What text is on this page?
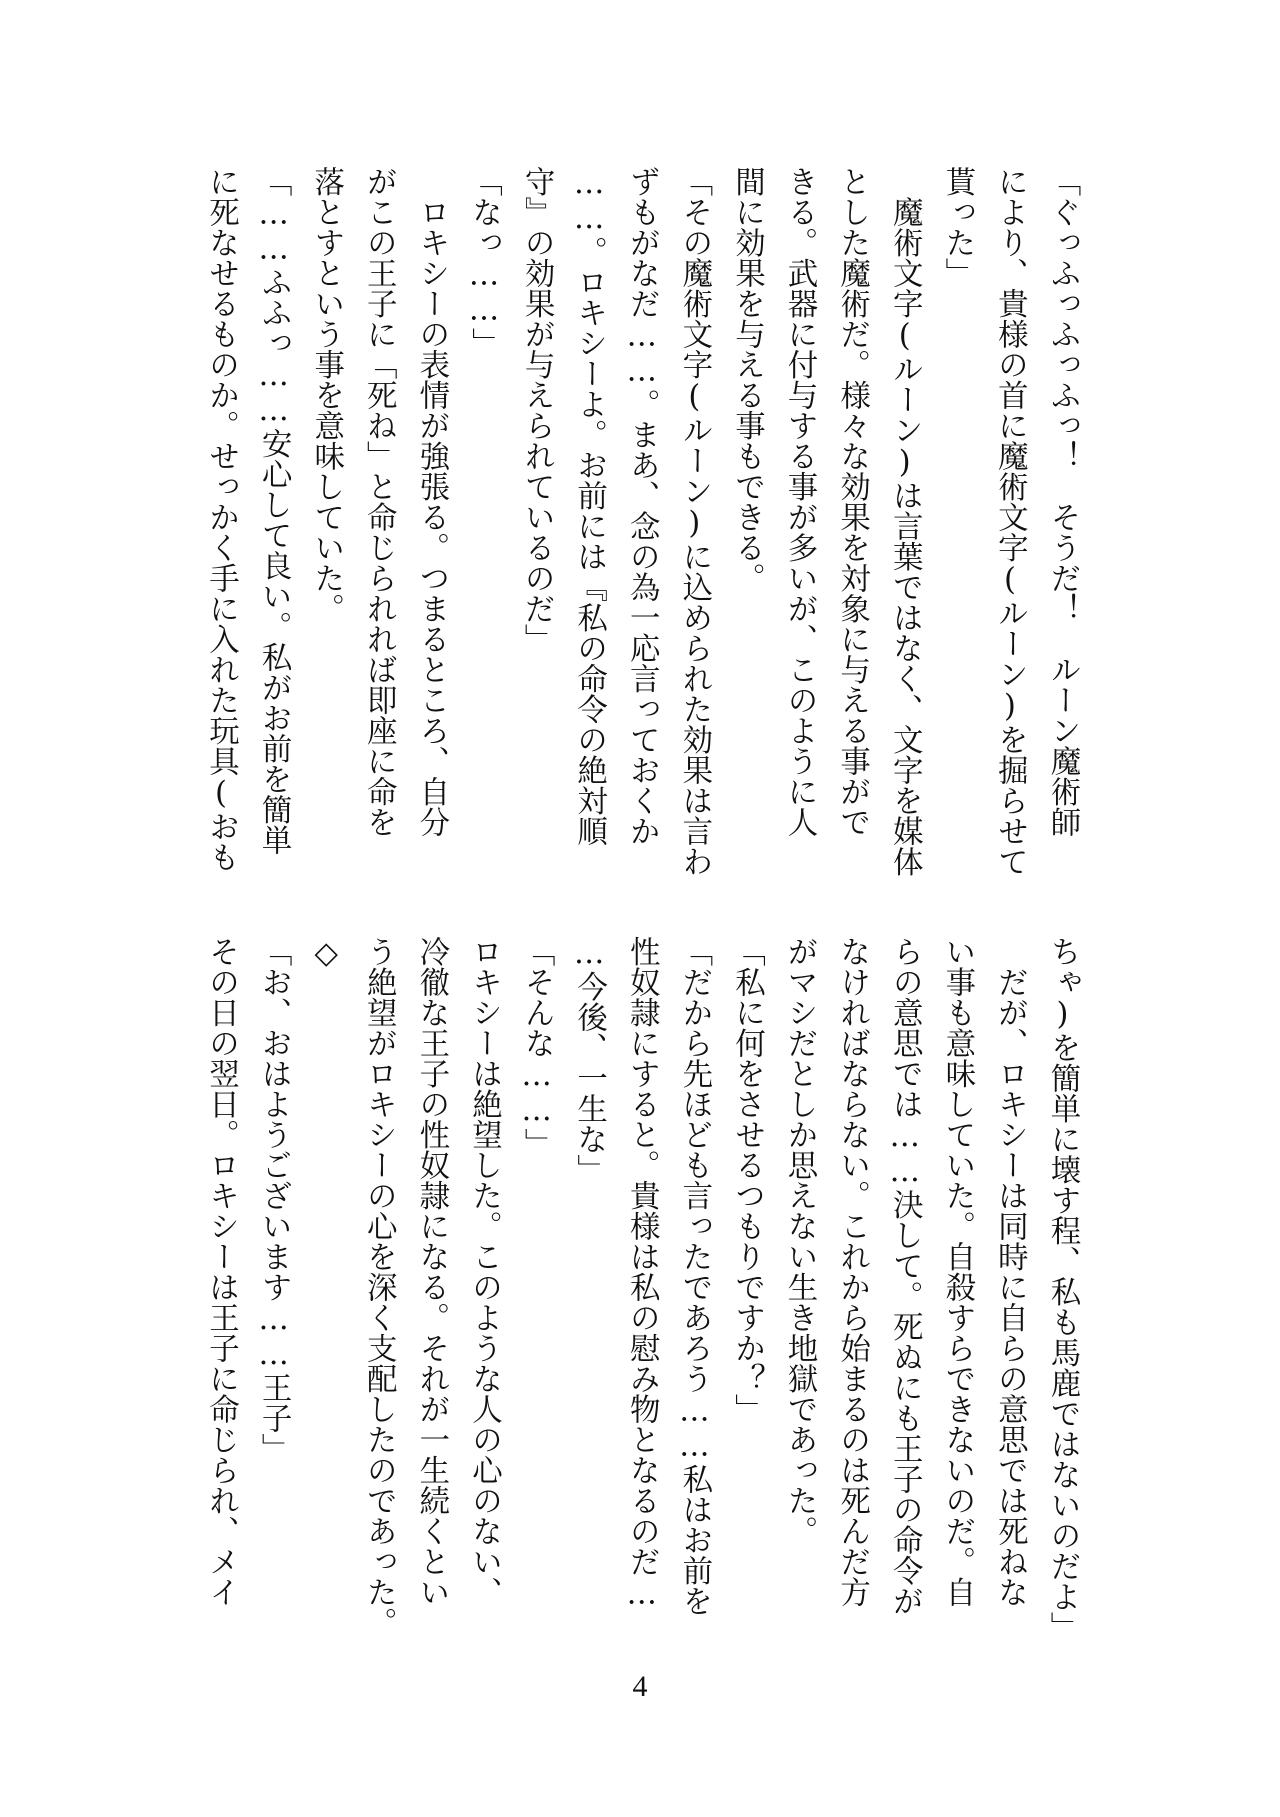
「ぐっふっふっふっ！　そうだ！　ルーン魔術師
により、貴様の首に魔術文字(ルーン)を掘らせて
貰った」
　魔術文字(ルーン)は言葉ではなく、文字を媒体
とした魔術だ。様々な効果を対象に与える事がで
きる。武器に付与する事が多いが、このように人
間に効果を与える事もできる。
「その魔術文字(ルーン)に込められた効果は言わ
ずもがなだ……。まあ、念の為一応言っておくか
……。ロキシーよ。お前には『私の命令の絶対順
守』の効果が与えられているのだ」
「なっ……」
　ロキシーの表情が強張る。つまるところ、自分
がこの王子に「死ね」と命じられれば即座に命を
落とすという事を意味していた。
「……ふふっ……安心して良い。私がお前を簡単
に死なせるものか。せっかく手に入れた玩具(おも
ちゃ)を簡単に壊す程、私も馬鹿ではないのだよ」
　だが、ロキシーは同時に自らの意思では死ねな
い事も意味していた。自殺すらできないのだ。自
らの意思では……決して。死ぬにも王子の命令が
なければならない。これから始まるのは死んだ方
がマシだとしか思えない生き地獄であった。
「私に何をさせるつもりですか？」
「だから先ほども言ったであろう……私はお前を
性奴隷にすると。貴様は私の慰み物となるのだ…
…今後、一生な」
「そんな……」
ロキシーは絶望した。このような人の心のない、
冷徹な王子の性奴隷になる。それが一生続くとい
う絶望がロキシーの心を深く支配したのであった。
◇
「お、おはようございます……王子」
その日の翌日。ロキシーは王子に命じられ、メイ
4
